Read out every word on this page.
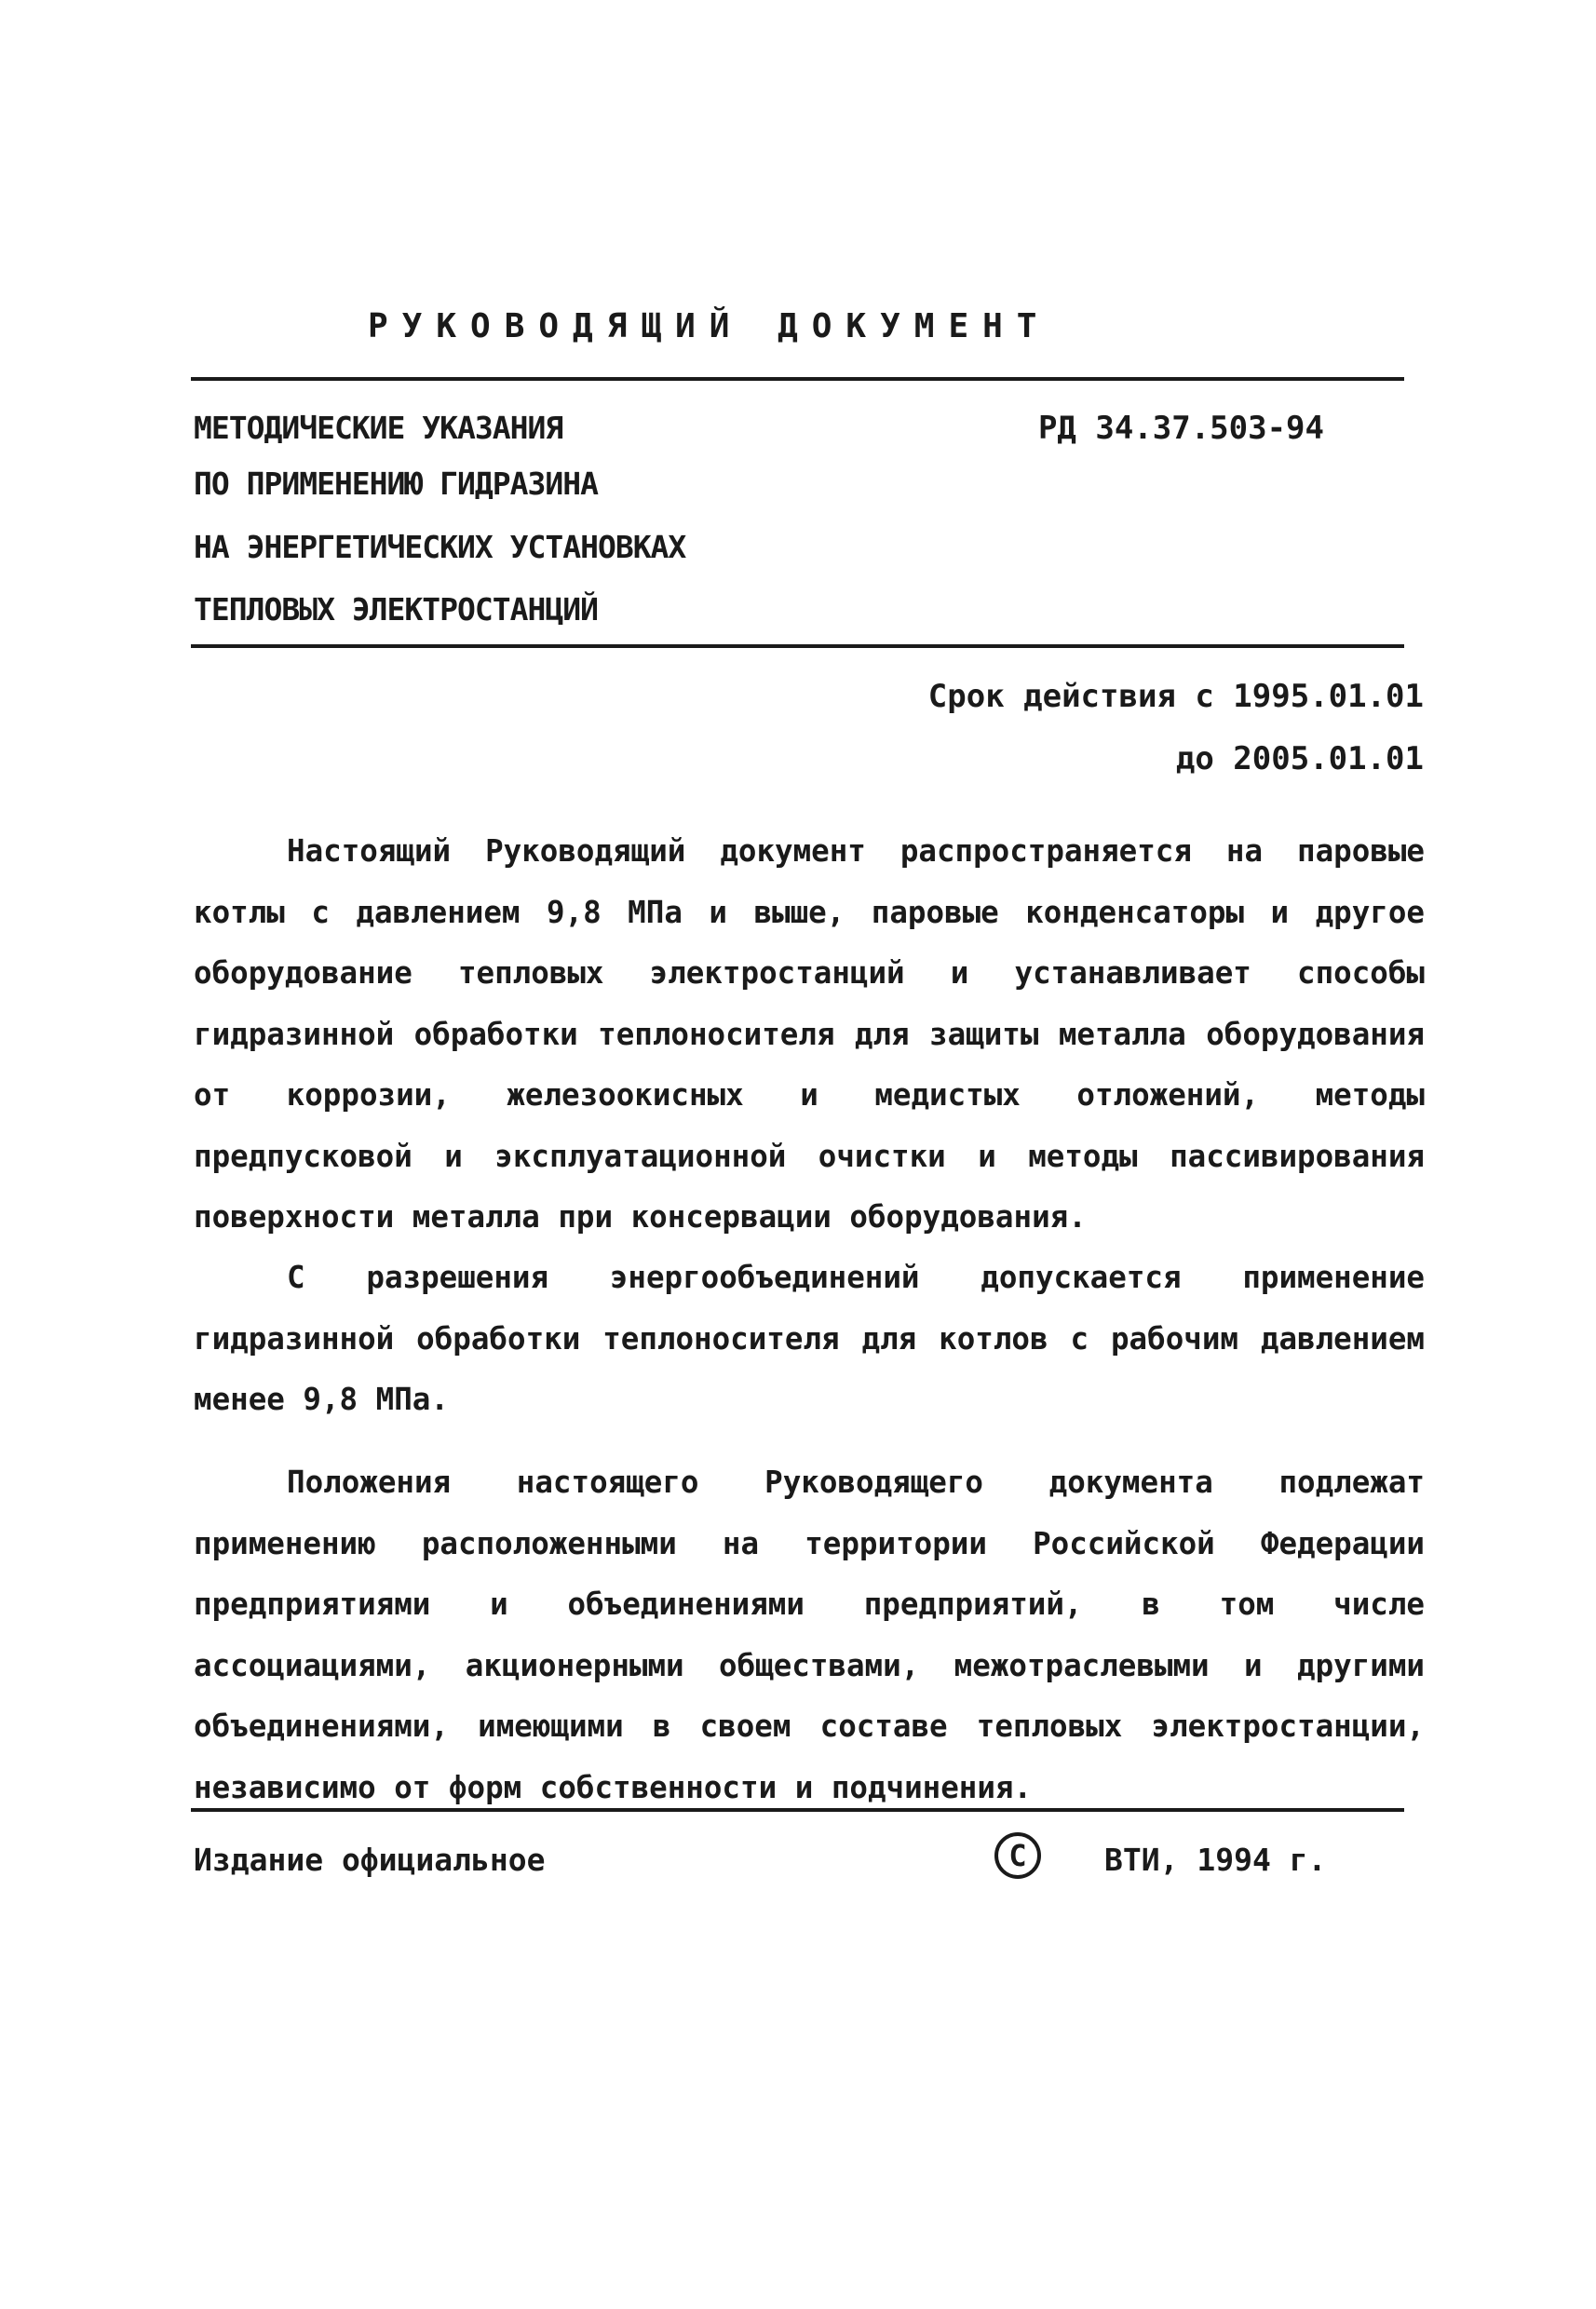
РУКОВОДЯЩИЙ ДОКУМЕНТ
МЕТОДИЧЕСКИЕ УКАЗАНИЯ
ПО ПРИМЕНЕНИЮ ГИДРАЗИНА
НА ЭНЕРГЕТИЧЕСКИХ УСТАНОВКАХ
ТЕПЛОВЫХ ЭЛЕКТРОСТАНЦИЙ
РД 34.37.503-94
Срок действия с 1995.01.01
до 2005.01.01

Настоящий Руководящий документ распространяется на паровые котлы с давлением 9,8 МПа и выше, паровые конденсаторы и другое оборудование тепловых электростанций и устанавливает способы гидразинной обработки теплоносителя для защиты металла оборудования от коррозии, железоокисных и медистых отложений, методы предпусковой и эксплуатационной очистки и методы пассивирования поверхности металла при консервации оборудования.

С разрешения энергообъединений допускается применение гидразинной обработки теплоносителя для котлов с рабочим давлением менее 9,8 МПа.

Положения настоящего Руководящего документа подлежат применению расположенными на территории Российской Федерации предприятиями и объединениями предприятий, в том числе ассоциациями, акционерными обществами, межотраслевыми и другими объединениями, имеющими в своем составе тепловых электростанции, независимо от форм собственности и подчинения.

Издание официальное	C	ВТИ, 1994 г.
